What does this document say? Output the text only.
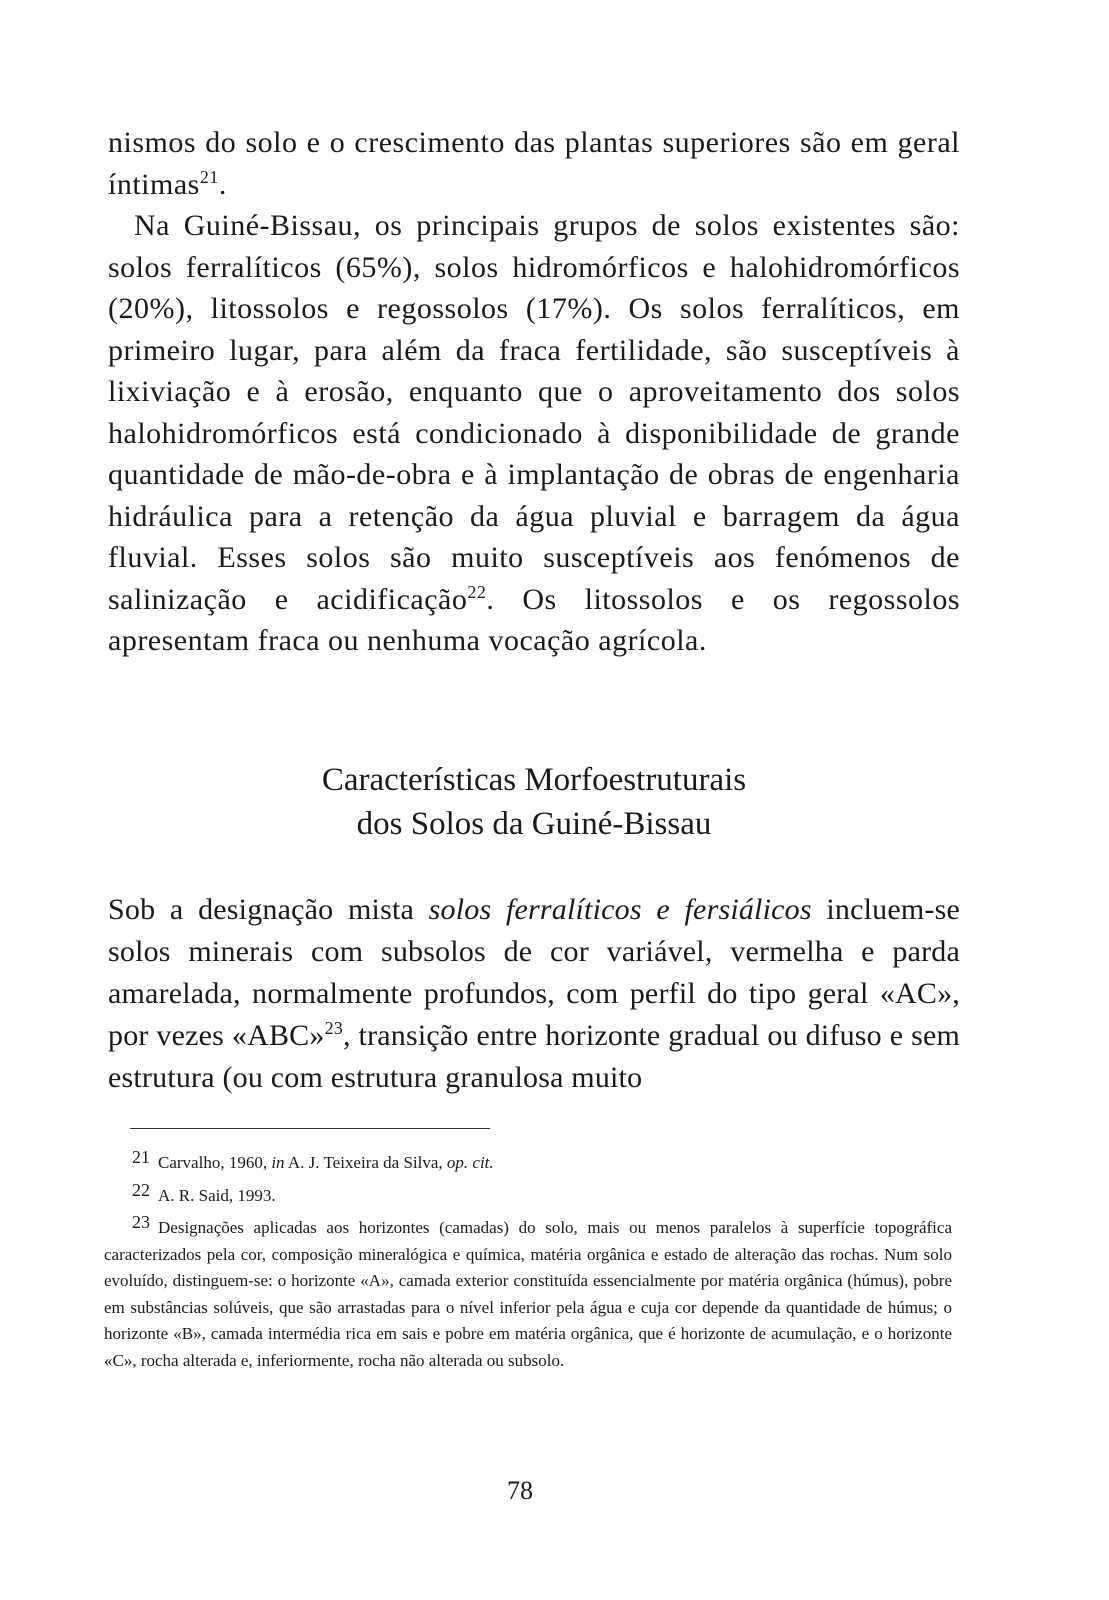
nismos do solo e o crescimento das plantas superiores são em geral íntimas$^{21}$.

Na Guiné-Bissau, os principais grupos de solos existentes são: solos ferralíticos (65%), solos hidromórficos e halohidromórficos (20%), litossolos e regossolos (17%). Os solos ferralíticos, em primeiro lugar, para além da fraca fertilidade, são susceptíveis à lixiviação e à erosão, enquanto que o aproveitamento dos solos halohidromórficos está condicionado à disponibilidade de grande quantidade de mão-de-obra e à implantação de obras de engenharia hidráulica para a retenção da água pluvial e barragem da água fluvial. Esses solos são muito susceptíveis aos fenómenos de salinização e acidificação$^{22}$. Os litossolos e os regossolos apresentam fraca ou nenhuma vocação agrícola.

Características Morfoestruturais
dos Solos da Guiné-Bissau

Sob a designação mista solos ferralíticos e fersiálicos incluem-se solos minerais com subsolos de cor variável, vermelha e parda amarelada, normalmente profundos, com perfil do tipo geral «AC», por vezes «ABC»$^{23}$, transição entre horizonte gradual ou difuso e sem estrutura (ou com estrutura granulosa muito

21 Carvalho, 1960, in A. J. Teixeira da Silva, op. cit.

22 A. R. Said, 1993.

23 Designações aplicadas aos horizontes (camadas) do solo, mais ou menos paralelos à superfície topográfica caracterizados pela cor, composição mineralógica e química, matéria orgânica e estado de alteração das rochas. Num solo evoluído, distinguem-se: o horizonte «A», camada exterior constituída essencialmente por matéria orgânica (húmus), pobre em substâncias solúveis, que são arrastadas para o nível inferior pela água e cuja cor depende da quantidade de húmus; o horizonte «B», camada intermédia rica em sais e pobre em matéria orgânica, que é horizonte de acumulação, e o horizonte «C», rocha alterada e, inferiormente, rocha não alterada ou subsolo.

78
